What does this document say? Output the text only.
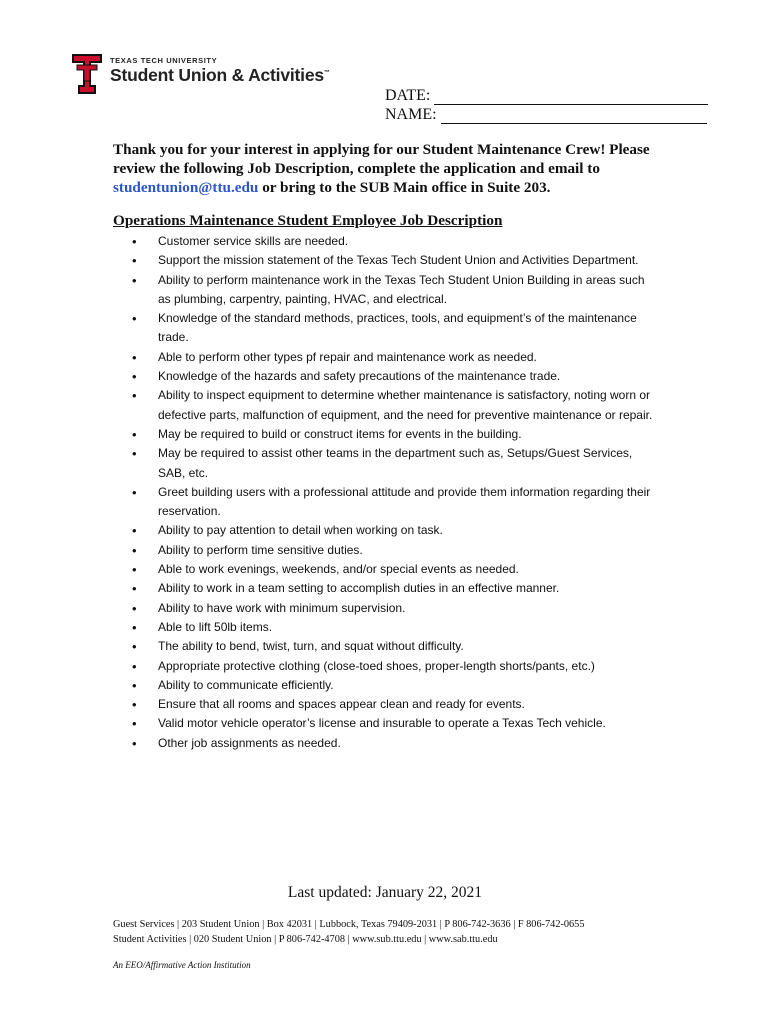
TEXAS TECH UNIVERSITY
Student Union & Activities™
DATE:
NAME:
Thank you for your interest in applying for our Student Maintenance Crew! Please review the following Job Description, complete the application and email to studentunion@ttu.edu or bring to the SUB Main office in Suite 203.
Operations Maintenance Student Employee Job Description
• Customer service skills are needed.
• Support the mission statement of the Texas Tech Student Union and Activities Department.
• Ability to perform maintenance work in the Texas Tech Student Union Building in areas such as plumbing, carpentry, painting, HVAC, and electrical.
• Knowledge of the standard methods, practices, tools, and equipment’s of the maintenance trade.
• Able to perform other types pf repair and maintenance work as needed.
• Knowledge of the hazards and safety precautions of the maintenance trade.
• Ability to inspect equipment to determine whether maintenance is satisfactory, noting worn or defective parts, malfunction of equipment, and the need for preventive maintenance or repair.
• May be required to build or construct items for events in the building.
• May be required to assist other teams in the department such as, Setups/Guest Services, SAB, etc.
• Greet building users with a professional attitude and provide them information regarding their reservation.
• Ability to pay attention to detail when working on task.
• Ability to perform time sensitive duties.
• Able to work evenings, weekends, and/or special events as needed.
• Ability to work in a team setting to accomplish duties in an effective manner.
• Ability to have work with minimum supervision.
• Able to lift 50lb items.
• The ability to bend, twist, turn, and squat without difficulty.
• Appropriate protective clothing (close-toed shoes, proper-length shorts/pants, etc.)
• Ability to communicate efficiently.
• Ensure that all rooms and spaces appear clean and ready for events.
• Valid motor vehicle operator’s license and insurable to operate a Texas Tech vehicle.
• Other job assignments as needed.
Last updated: January 22, 2021
Guest Services | 203 Student Union | Box 42031 | Lubbock, Texas 79409-2031 | P 806-742-3636 | F 806-742-0655
Student Activities | 020 Student Union | P 806-742-4708 | www.sub.ttu.edu | www.sab.ttu.edu
An EEO/Affirmative Action Institution
